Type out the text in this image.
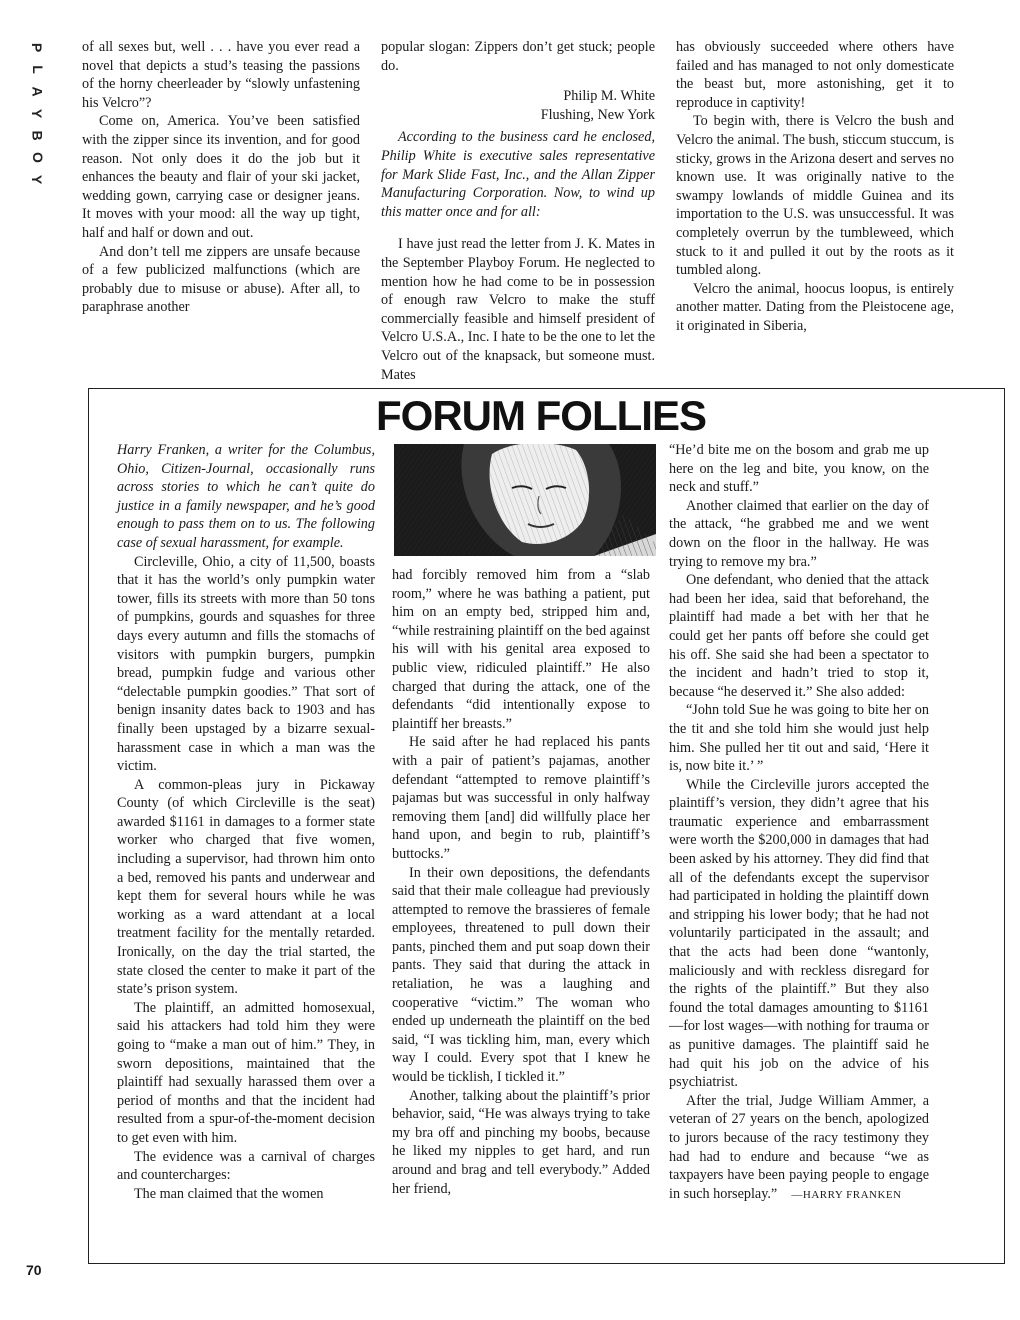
P
L
A
Y
B
O
Y

of all sexes but, well . . . have you ever read a novel that depicts a stud’s teasing the passions of the horny cheerleader by “slowly unfastening his Velcro”?

Come on, America. You’ve been satisfied with the zipper since its invention, and for good reason. Not only does it do the job but it enhances the beauty and flair of your ski jacket, wedding gown, carrying case or designer jeans. It moves with your mood: all the way up tight, half and half or down and out.

And don’t tell me zippers are unsafe because of a few publicized malfunctions (which are probably due to misuse or abuse). After all, to paraphrase another

popular slogan: Zippers don’t get stuck; people do.

Philip M. White

Flushing, New York

According to the business card he enclosed, Philip White is executive sales representative for Mark Slide Fast, Inc., and the Allan Zipper Manufacturing Corporation. Now, to wind up this matter once and for all:

I have just read the letter from J. K. Mates in the September Playboy Forum. He neglected to mention how he had come to be in possession of enough raw Velcro to make the stuff commercially feasible and himself president of Velcro U.S.A., Inc. I hate to be the one to let the Velcro out of the knapsack, but someone must. Mates

has obviously succeeded where others have failed and has managed to not only domesticate the beast but, more astonishing, get it to reproduce in captivity!

To begin with, there is Velcro the bush and Velcro the animal. The bush, sticcum stuccum, is sticky, grows in the Arizona desert and serves no known use. It was originally native to the swampy lowlands of middle Guinea and its importation to the U.S. was unsuccessful. It was completely overrun by the tumbleweed, which stuck to it and pulled it out by the roots as it tumbled along.

Velcro the animal, hoocus loopus, is entirely another matter. Dating from the Pleistocene age, it originated in Siberia,

FORUM FOLLIES

Harry Franken, a writer for the Columbus, Ohio, Citizen-Journal, occasionally runs across stories to which he can’t quite do justice in a family newspaper, and he’s good enough to pass them on to us. The following case of sexual harassment, for example.

Circleville, Ohio, a city of 11,500, boasts that it has the world’s only pumpkin water tower, fills its streets with more than 50 tons of pumpkins, gourds and squashes for three days every autumn and fills the stomachs of visitors with pumpkin burgers, pumpkin bread, pumpkin fudge and various other “delectable pumpkin goodies.” That sort of benign insanity dates back to 1903 and has finally been upstaged by a bizarre sexual-harassment case in which a man was the victim.

A common-pleas jury in Pickaway County (of which Circleville is the seat) awarded $1161 in damages to a former state worker who charged that five women, including a supervisor, had thrown him onto a bed, removed his pants and underwear and kept them for several hours while he was working as a ward attendant at a local treatment facility for the mentally retarded. Ironically, on the day the trial started, the state closed the center to make it part of the state’s prison system.

The plaintiff, an admitted homosexual, said his attackers had told him they were going to “make a man out of him.” They, in sworn depositions, maintained that the plaintiff had sexually harassed them over a period of months and that the incident had resulted from a spur-of-the-moment decision to get even with him.

The evidence was a carnival of charges and countercharges:

The man claimed that the women

had forcibly removed him from a “slab room,” where he was bathing a patient, put him on an empty bed, stripped him and, “while restraining plaintiff on the bed against his will with his genital area exposed to public view, ridiculed plaintiff.” He also charged that during the attack, one of the defendants “did intentionally expose to plaintiff her breasts.”

He said after he had replaced his pants with a pair of patient’s pajamas, another defendant “attempted to remove plaintiff’s pajamas but was successful in only halfway removing them [and] did willfully place her hand upon, and begin to rub, plaintiff’s buttocks.”

In their own depositions, the defendants said that their male colleague had previously attempted to remove the brassieres of female employees, threatened to pull down their pants, pinched them and put soap down their pants. They said that during the attack in retaliation, he was a laughing and cooperative “victim.” The woman who ended up underneath the plaintiff on the bed said, “I was tickling him, man, every which way I could. Every spot that I knew he would be ticklish, I tickled it.”

Another, talking about the plaintiff’s prior behavior, said, “He was always trying to take my bra off and pinching my boobs, because he liked my nipples to get hard, and run around and brag and tell everybody.” Added her friend,

“He’d bite me on the bosom and grab me up here on the leg and bite, you know, on the neck and stuff.”

Another claimed that earlier on the day of the attack, “he grabbed me and we went down on the floor in the hallway. He was trying to remove my bra.”

One defendant, who denied that the attack had been her idea, said that beforehand, the plaintiff had made a bet with her that he could get her pants off before she could get his off. She said she had been a spectator to the incident and hadn’t tried to stop it, because “he deserved it.” She also added:

“John told Sue he was going to bite her on the tit and she told him she would just help him. She pulled her tit out and said, ‘Here it is, now bite it.’ ”

While the Circleville jurors accepted the plaintiff’s version, they didn’t agree that his traumatic experience and embarrassment were worth the $200,000 in damages that had been asked by his attorney. They did find that all of the defendants except the supervisor had participated in holding the plaintiff down and stripping his lower body; that he had not voluntarily participated in the assault; and that the acts had been done “wantonly, maliciously and with reckless disregard for the rights of the plaintiff.” But they also found the total damages amounting to $1161—for lost wages—with nothing for trauma or as punitive damages. The plaintiff said he had quit his job on the advice of his psychiatrist.

After the trial, Judge William Ammer, a veteran of 27 years on the bench, apologized to jurors because of the racy testimony they had had to endure and because “we as taxpayers have been paying people to engage in such horseplay.” —HARRY FRANKEN

70
